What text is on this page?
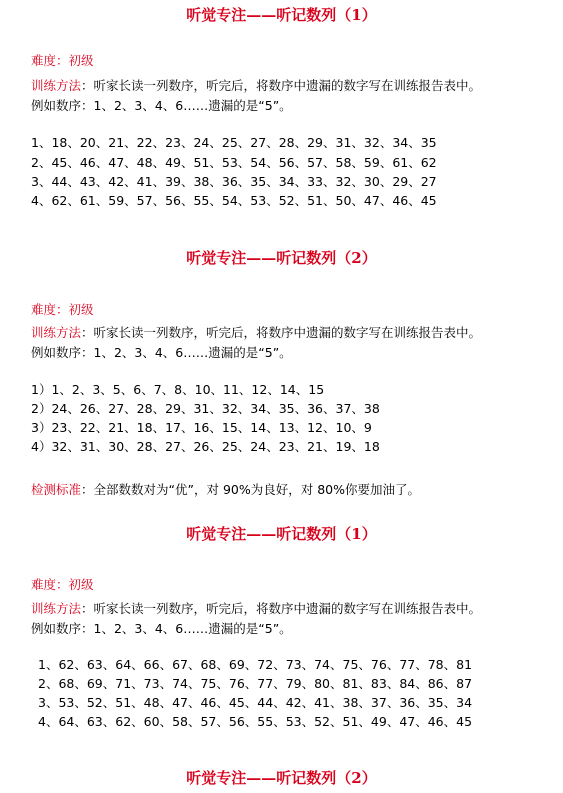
听觉专注——听记数列（1）

难度：初级

训练方法：听家长读一列数序，听完后，将数序中遗漏的数字写在训练报告表中。

例如数序：1、2、3、4、6……遗漏的是“5”。

1、18、20、21、22、23、24、25、27、28、29、31、32、34、35

2、45、46、47、48、49、51、53、54、56、57、58、59、61、62

3、44、43、42、41、39、38、36、35、34、33、32、30、29、27

4、62、61、59、57、56、55、54、53、52、51、50、47、46、45

听觉专注——听记数列（2）

难度：初级

训练方法：听家长读一列数序，听完后，将数序中遗漏的数字写在训练报告表中。

例如数序：1、2、3、4、6……遗漏的是“5”。

1）1、2、3、5、6、7、8、10、11、12、14、15

2）24、26、27、28、29、31、32、34、35、36、37、38

3）23、22、21、18、17、16、15、14、13、12、10、9

4）32、31、30、28、27、26、25、24、23、21、19、18

检测标准：全部数数对为“优”，对 90%为良好，对 80%你要加油了。

听觉专注——听记数列（1）

难度：初级

训练方法：听家长读一列数序，听完后，将数序中遗漏的数字写在训练报告表中。

例如数序：1、2、3、4、6……遗漏的是“5”。

1、62、63、64、66、67、68、69、72、73、74、75、76、77、78、81

2、68、69、71、73、74、75、76、77、79、80、81、83、84、86、87

3、53、52、51、48、47、46、45、44、42、41、38、37、36、35、34

4、64、63、62、60、58、57、56、55、53、52、51、49、47、46、45

听觉专注——听记数列（2）
